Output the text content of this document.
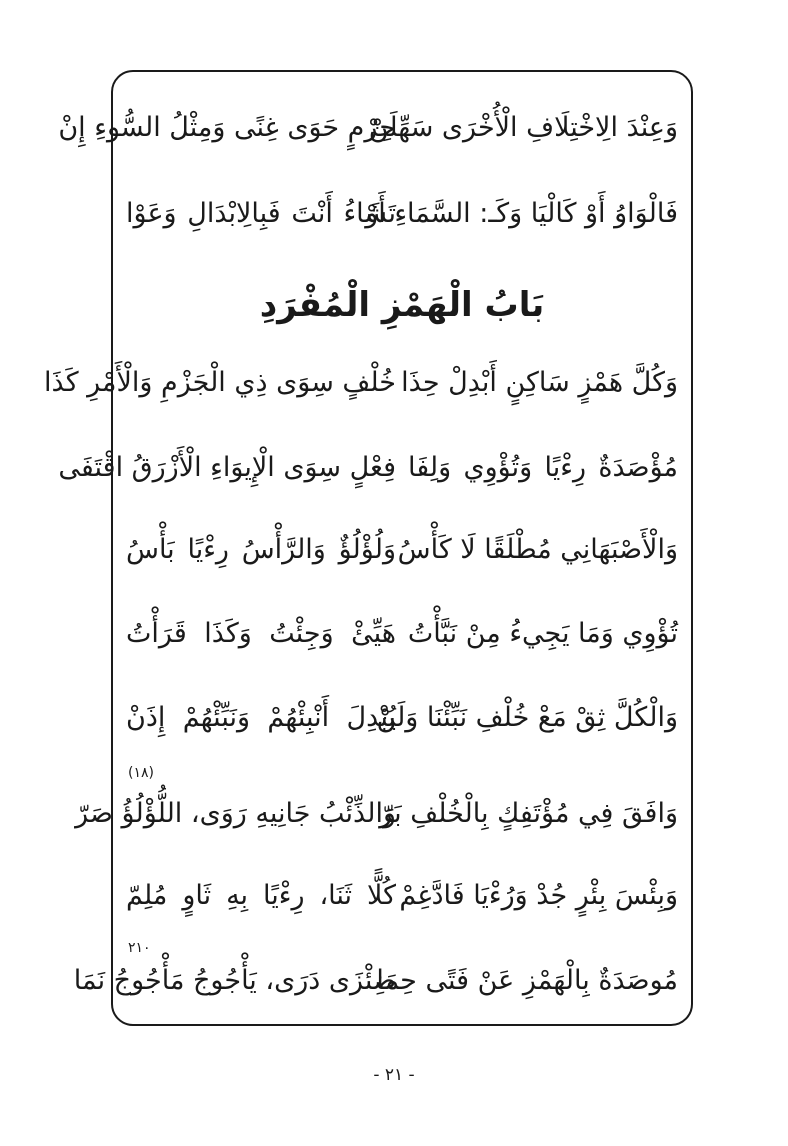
وَعِنْدَ الِاخْتِلَافِ الْأُخْرَى سَهِّلَنْ
حِرْمٍ حَوَى غِنًى وَمِثْلُ السُّوءِ إِنْ
فَالْوَاوُ أَوْ كَالْيَا وَكَـ: السَّمَاءِ أَوْ
تَشَاءُ أَنْتَ فَبِالِابْدَالِ وَعَوْا
بَابُ الْهَمْزِ الْمُفْرَدِ
وَكُلَّ هَمْزٍ سَاكِنٍ أَبْدِلْ حِذَا
خُلْفٍ سِوَى ذِي الْجَزْمِ وَالْأَمْرِ كَذَا
مُؤْصَدَةٌ رِءْيًا وَتُؤْوِي وَلِفَا
فِعْلٍ سِوَى الْإِيوَاءِ الْأَزْرَقُ اقْتَفَى
وَالْأَصْبَهَانِي مُطْلَقًا لَا كَأْسُ
وَلُؤْلُؤٌ وَالرَّأْسُ رِءْيًا بَأْسُ
تُؤْوِي وَمَا يَجِيءُ مِنْ نَبَّأْتُ
هَيِّئْ وَجِئْتُ وَكَذَا قَرَأْتُ
وَالْكُلَّ ثِقْ مَعْ خُلْفِ نَبِّئْنَا وَلَنْ
يُبْدِلَ أَنْبِئْهُمْ وَنَبِّئْهُمْ إِذَنْ
(١٨)
وَافَقَ فِي مُؤْتَفِكٍ بِالْخُلْفِ بَرّ
وَالذِّئْبُ جَانِيهِ رَوَى، اللُّؤْلُؤُ صَرّ
وَبِئْسَ بِئْرٍ جُدْ وَرُءْيَا فَادَّغِمْ
كُلًّا ثَنَا، رِءْيًا بِهِ ثَاوٍ مُلِمّ
٢١٠
مُوصَدَةٌ بِالْهَمْزِ عَنْ فَتًى حِمَا
ضِئْزَى دَرَى، يَأْجُوجُ مَأْجُوجُ نَمَا
- ٢١ -
